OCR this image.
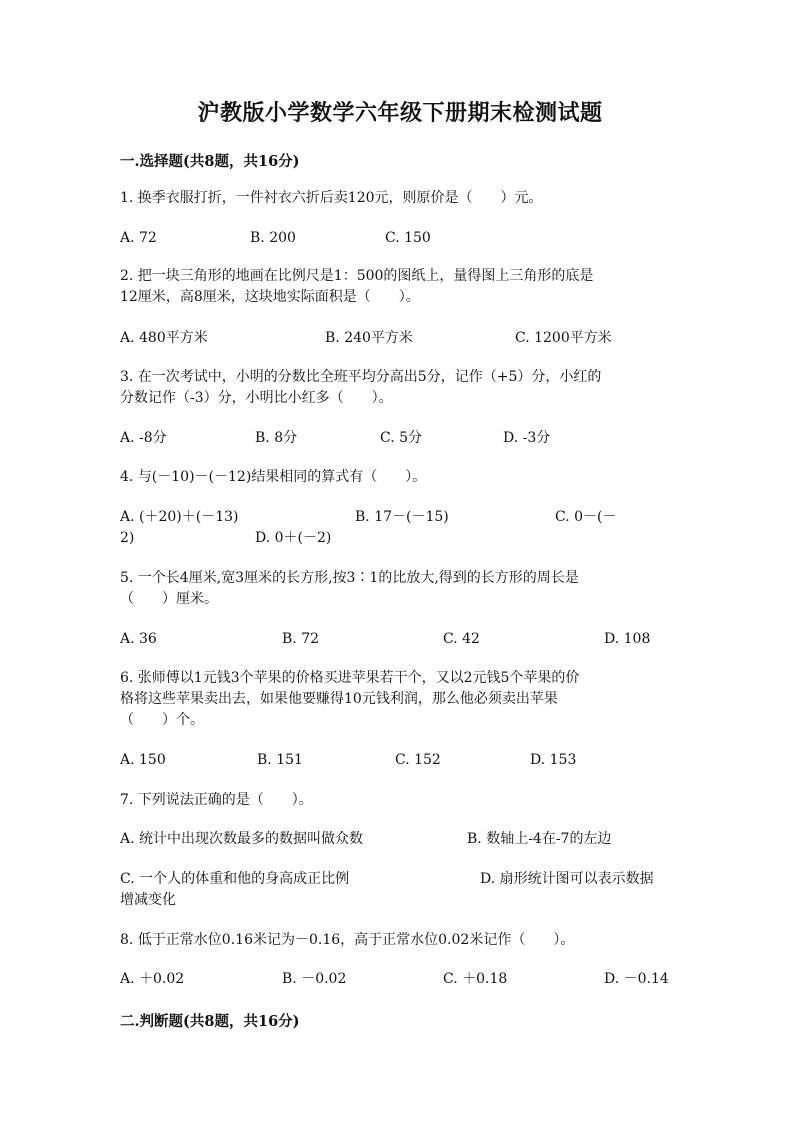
沪教版小学数学六年级下册期末检测试题
一.选择题(共8题，共16分)
1. 换季衣服打折，一件衬衣六折后卖120元，则原价是（　　）元。
A. 72	B. 200	C. 150
2. 把一块三角形的地画在比例尺是1：500的图纸上，量得图上三角形的底是
12厘米，高8厘米，这块地实际面积是（　　）。
A. 480平方米	B. 240平方米	C. 1200平方米
3. 在一次考试中，小明的分数比全班平均分高出5分，记作（+5）分，小红的
分数记作（-3）分，小明比小红多（　　）。
A. -8分	B. 8分	C. 5分	D. -3分
4. 与(－10)－(－12)结果相同的算式有（　　）。
A. (＋20)＋(－13)	B. 17－(－15)	C. 0－(－
2)	D. 0＋(－2)
5. 一个长4厘米,宽3厘米的长方形,按3∶1的比放大,得到的长方形的周长是
（　　）厘米。
A. 36	B. 72	C. 42	D. 108
6. 张师傅以1元钱3个苹果的价格买进苹果若干个，又以2元钱5个苹果的价
格将这些苹果卖出去，如果他要赚得10元钱利润，那么他必须卖出苹果
（　　）个。
A. 150	B. 151	C. 152	D. 153
7. 下列说法正确的是（　　）。
A. 统计中出现次数最多的数据叫做众数	B. 数轴上-4在-7的左边
C. 一个人的体重和他的身高成正比例	D. 扇形统计图可以表示数据
增减变化
8. 低于正常水位0.16米记为－0.16，高于正常水位0.02米记作（　　）。
A. ＋0.02	B. －0.02	C. ＋0.18	D. －0.14
二.判断题(共8题，共16分)
